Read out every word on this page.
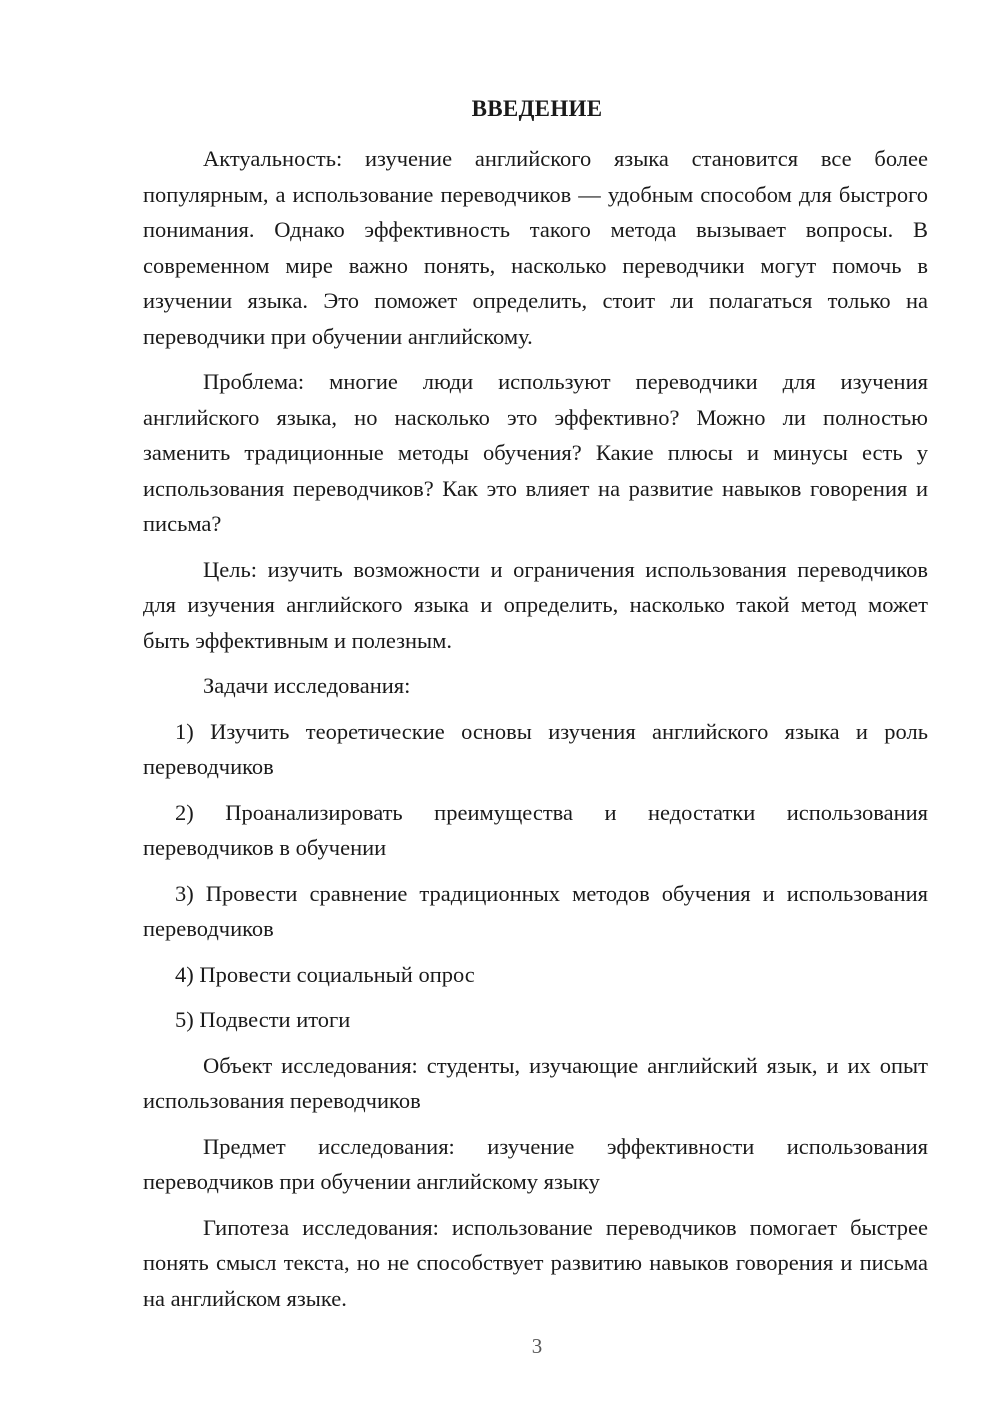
ВВЕДЕНИЕ

Актуальность: изучение английского языка становится все более популярным, а использование переводчиков — удобным способом для быстрого понимания. Однако эффективность такого метода вызывает вопросы. В современном мире важно понять, насколько переводчики могут помочь в изучении языка. Это поможет определить, стоит ли полагаться только на переводчики при обучении английскому.

Проблема: многие люди используют переводчики для изучения английского языка, но насколько это эффективно? Можно ли полностью заменить традиционные методы обучения? Какие плюсы и минусы есть у использования переводчиков? Как это влияет на развитие навыков говорения и письма?

Цель: изучить возможности и ограничения использования переводчиков для изучения английского языка и определить, насколько такой метод может быть эффективным и полезным.

Задачи исследования:

1) Изучить теоретические основы изучения английского языка и роль переводчиков

2) Проанализировать преимущества и недостатки использования переводчиков в обучении

3) Провести сравнение традиционных методов обучения и использования переводчиков

4) Провести социальный опрос

5) Подвести итоги

Объект исследования: студенты, изучающие английский язык, и их опыт использования переводчиков

Предмет исследования: изучение эффективности использования переводчиков при обучении английскому языку

Гипотеза исследования: использование переводчиков помогает быстрее понять смысл текста, но не способствует развитию навыков говорения и письма на английском языке.

3
